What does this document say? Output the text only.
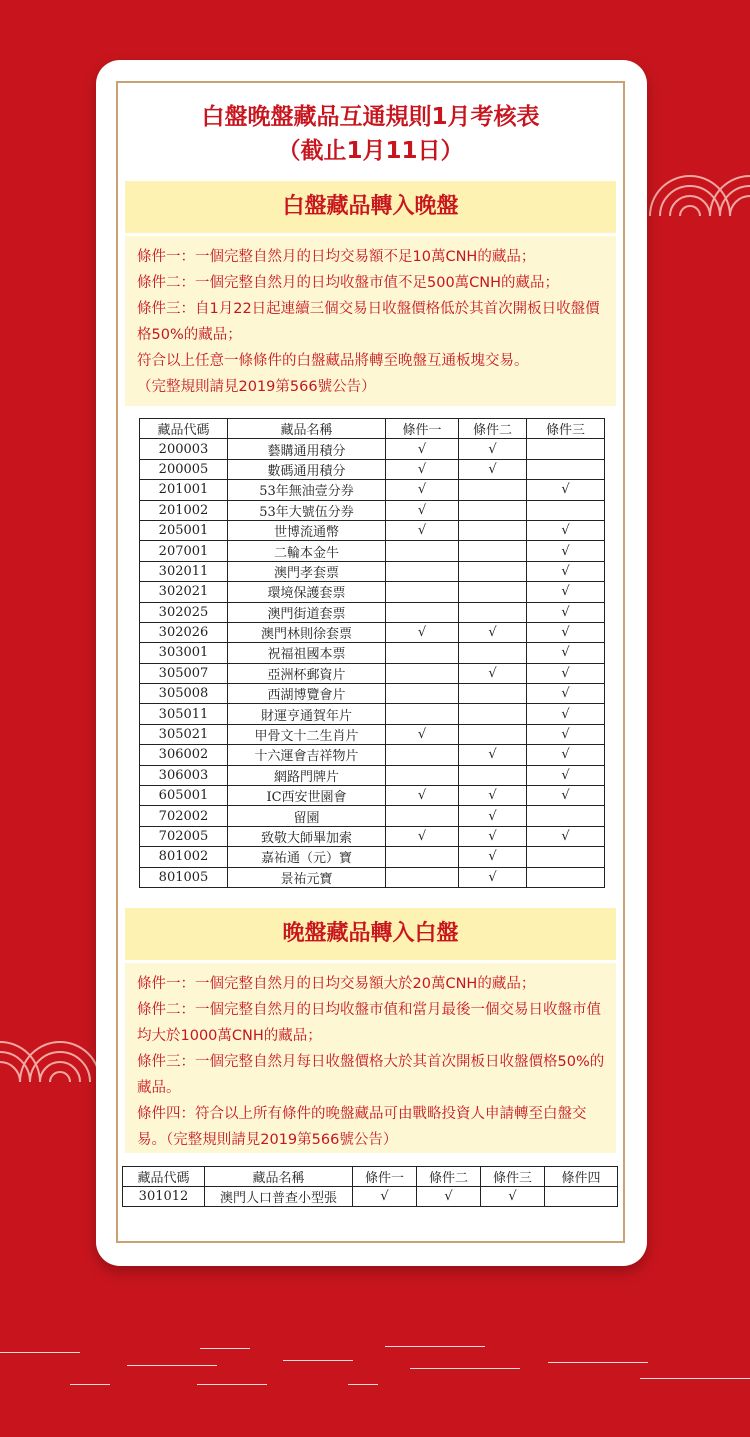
白盤晚盤藏品互通規則1月考核表
（截止1月11日）
白盤藏品轉入晚盤

條件一：一個完整自然月的日均交易額不足10萬CNH的藏品；

條件二：一個完整自然月的日均收盤市值不足500萬CNH的藏品；

條件三：自1月22日起連續三個交易日收盤價格低於其首次開板日收盤價格50%的藏品；

符合以上任意一條條件的白盤藏品將轉至晚盤互通板塊交易。

（完整規則請見2019第566號公告）

藏品代碼	藏品名稱	條件一	條件二	條件三
200003	藝購通用積分	√	√	
200005	數碼通用積分	√	√	
201001	53年無油壹分券	√		√
201002	53年大號伍分券	√		
205001	世博流通幣	√		√
207001	二輪本金牛			√
302011	澳門孝套票			√
302021	環境保護套票			√
302025	澳門街道套票			√
302026	澳門林則徐套票	√	√	√
303001	祝福祖國本票			√
305007	亞洲杯郵資片		√	√
305008	西湖博覽會片			√
305011	財運亨通賀年片			√
305021	甲骨文十二生肖片	√		√
306002	十六運會吉祥物片		√	√
306003	網路門牌片			√
605001	IC西安世園會	√	√	√
702002	留園		√	
702005	致敬大師畢加索	√	√	√
801002	嘉祐通（元）寶		√	
801005	景祐元寶		√	
晚盤藏品轉入白盤

條件一：一個完整自然月的日均交易額大於20萬CNH的藏品；

條件二：一個完整自然月的日均收盤市值和當月最後一個交易日收盤市值均大於1000萬CNH的藏品；

條件三：一個完整自然月每日收盤價格大於其首次開板日收盤價格50%的藏品。

條件四：符合以上所有條件的晚盤藏品可由戰略投資人申請轉至白盤交易。（完整規則請見2019第566號公告）

藏品代碼	藏品名稱	條件一	條件二	條件三	條件四
301012	澳門人口普查小型張	√	√	√	
